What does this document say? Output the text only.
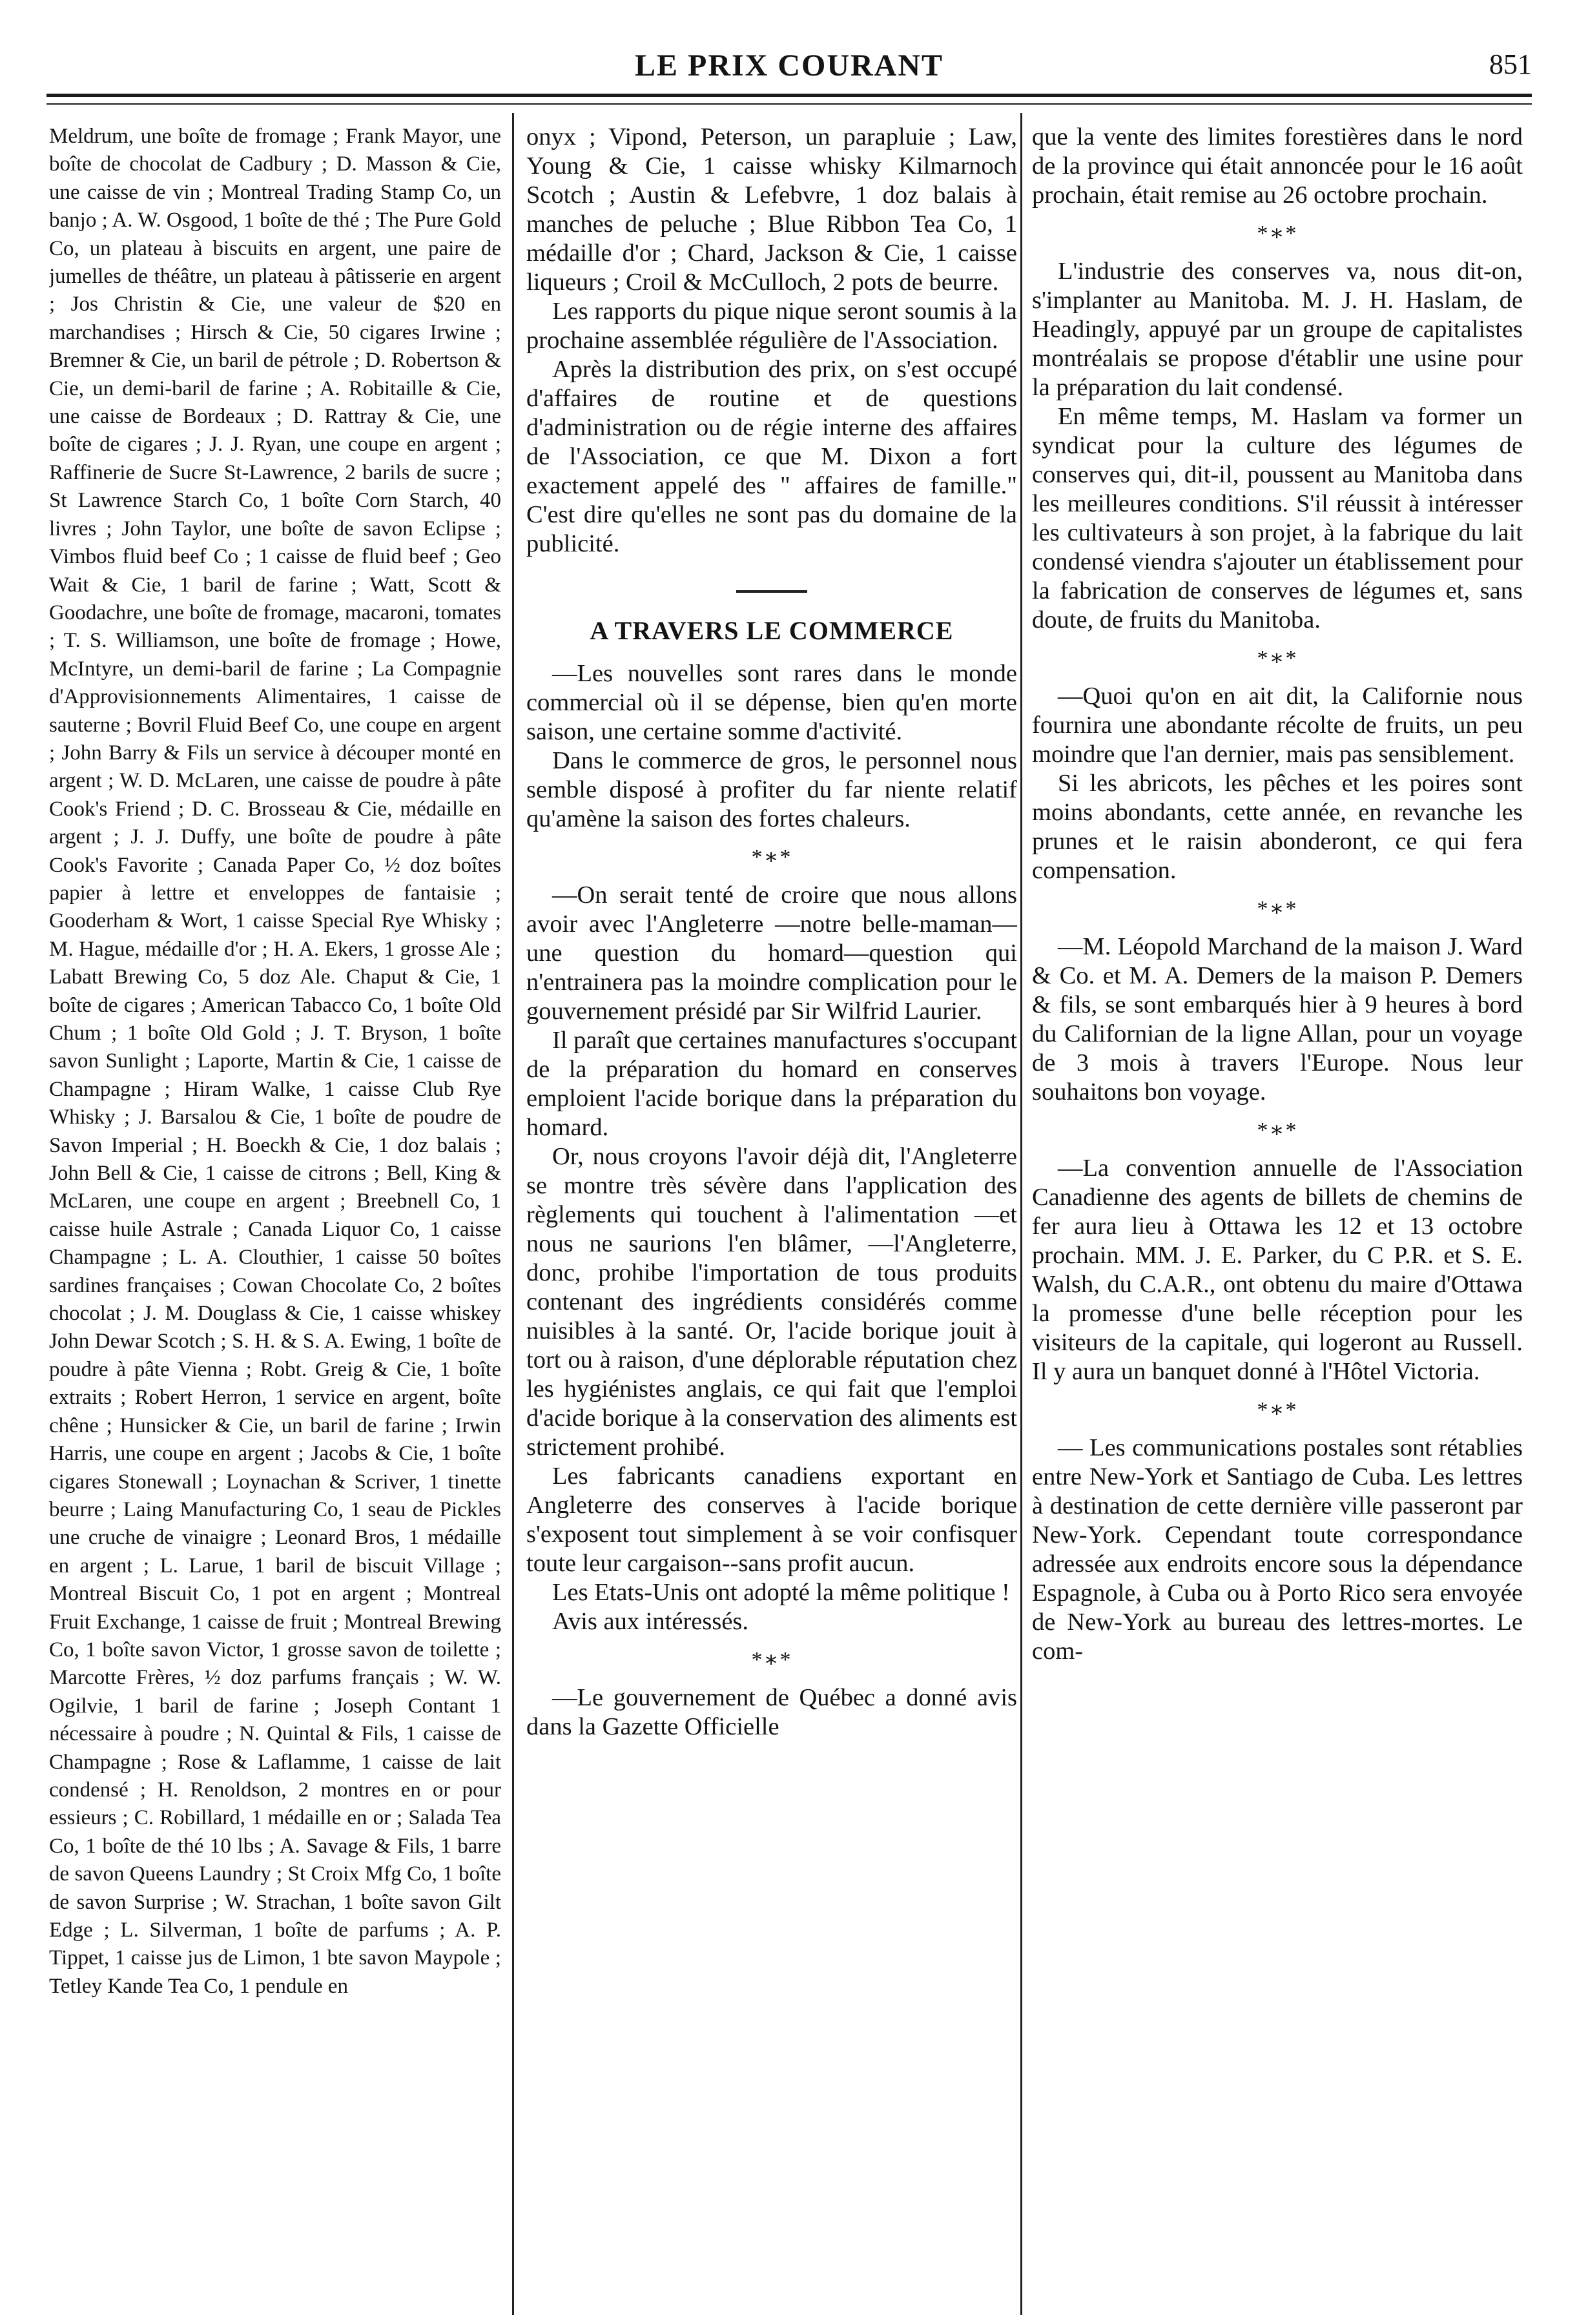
LE PRIX COURANT	851

Meldrum, une boîte de fromage ; Frank Mayor, une boîte de chocolat de Cadbury ; D. Masson & Cie, une caisse de vin ; Montreal Trading Stamp Co, un banjo ; A. W. Osgood, 1 boîte de thé ; The Pure Gold Co, un plateau à biscuits en argent, une paire de jumelles de théâtre, un plateau à pâtisserie en argent ; Jos Christin & Cie, une valeur de $20 en marchandises ; Hirsch & Cie, 50 cigares Irwine ; Bremner & Cie, un baril de pétrole ; D. Robertson & Cie, un demi-baril de farine ; A. Robitaille & Cie, une caisse de Bordeaux ; D. Rattray & Cie, une boîte de cigares ; J. J. Ryan, une coupe en argent ; Raffinerie de Sucre St-Lawrence, 2 barils de sucre ; St Lawrence Starch Co, 1 boîte Corn Starch, 40 livres ; John Taylor, une boîte de savon Eclipse ; Vimbos fluid beef Co ; 1 caisse de fluid beef ; Geo Wait & Cie, 1 baril de farine ; Watt, Scott & Goodachre, une boîte de fromage, macaroni, tomates ; T. S. Williamson, une boîte de fromage ; Howe, McIntyre, un demi-baril de farine ; La Compagnie d'Approvisionnements Alimentaires, 1 caisse de sauterne ; Bovril Fluid Beef Co, une coupe en argent ; John Barry & Fils un service à découper monté en argent ; W. D. McLaren, une caisse de poudre à pâte Cook's Friend ; D. C. Brosseau & Cie, médaille en argent ; J. J. Duffy, une boîte de poudre à pâte Cook's Favorite ; Canada Paper Co, ½ doz boîtes papier à lettre et enveloppes de fantaisie ; Gooderham & Wort, 1 caisse Special Rye Whisky ; M. Hague, médaille d'or ; H. A. Ekers, 1 grosse Ale ; Labatt Brewing Co, 5 doz Ale. Chaput & Cie, 1 boîte de cigares ; American Tabacco Co, 1 boîte Old Chum ; 1 boîte Old Gold ; J. T. Bryson, 1 boîte savon Sunlight ; Laporte, Martin & Cie, 1 caisse de Champagne ; Hiram Walke, 1 caisse Club Rye Whisky ; J. Barsalou & Cie, 1 boîte de poudre de Savon Imperial ; H. Boeckh & Cie, 1 doz balais ; John Bell & Cie, 1 caisse de citrons ; Bell, King & McLaren, une coupe en argent ; Breebnell Co, 1 caisse huile Astrale ; Canada Liquor Co, 1 caisse Champagne ; L. A. Clouthier, 1 caisse 50 boîtes sardines françaises ; Cowan Chocolate Co, 2 boîtes chocolat ; J. M. Douglass & Cie, 1 caisse whiskey John Dewar Scotch ; S. H. & S. A. Ewing, 1 boîte de poudre à pâte Vienna ; Robt. Greig & Cie, 1 boîte extraits ; Robert Herron, 1 service en argent, boîte chêne ; Hunsicker & Cie, un baril de farine ; Irwin Harris, une coupe en argent ; Jacobs & Cie, 1 boîte cigares Stonewall ; Loynachan & Scriver, 1 tinette beurre ; Laing Manufacturing Co, 1 seau de Pickles une cruche de vinaigre ; Leonard Bros, 1 médaille en argent ; L. Larue, 1 baril de biscuit Village ; Montreal Biscuit Co, 1 pot en argent ; Montreal Fruit Exchange, 1 caisse de fruit ; Montreal Brewing Co, 1 boîte savon Victor, 1 grosse savon de toilette ; Marcotte Frères, ½ doz parfums français ; W. W. Ogilvie, 1 baril de farine ; Joseph Contant 1 nécessaire à poudre ; N. Quintal & Fils, 1 caisse de Champagne ; Rose & Laflamme, 1 caisse de lait condensé ; H. Renoldson, 2 montres en or pour essieurs ; C. Robillard, 1 médaille en or ; Salada Tea Co, 1 boîte de thé 10 lbs ; A. Savage & Fils, 1 barre de savon Queens Laundry ; St Croix Mfg Co, 1 boîte de savon Surprise ; W. Strachan, 1 boîte savon Gilt Edge ; L. Silverman, 1 boîte de parfums ; A. P. Tippet, 1 caisse jus de Limon, 1 bte savon Maypole ; Tetley Kande Tea Co, 1 pendule en

onyx ; Vipond, Peterson, un parapluie ; Law, Young & Cie, 1 caisse whisky Kilmarnoch Scotch ; Austin & Lefebvre, 1 doz balais à manches de peluche ; Blue Ribbon Tea Co, 1 médaille d'or ; Chard, Jackson & Cie, 1 caisse liqueurs ; Croil & McCulloch, 2 pots de beurre.

Les rapports du pique nique seront soumis à la prochaine assemblée régulière de l'Association.

Après la distribution des prix, on s'est occupé d'affaires de routine et de questions d'administration ou de régie interne des affaires de l'Association, ce que M. Dixon a fort exactement appelé des " affaires de famille." C'est dire qu'elles ne sont pas du domaine de la publicité.

A TRAVERS LE COMMERCE

—Les nouvelles sont rares dans le monde commercial où il se dépense, bien qu'en morte saison, une certaine somme d'activité.

Dans le commerce de gros, le personnel nous semble disposé à profiter du far niente relatif qu'amène la saison des fortes chaleurs.

*∗*

—On serait tenté de croire que nous allons avoir avec l'Angleterre —notre belle-maman—une question du homard—question qui n'entrainera pas la moindre complication pour le gouvernement présidé par Sir Wilfrid Laurier.

Il paraît que certaines manufactures s'occupant de la préparation du homard en conserves emploient l'acide borique dans la préparation du homard.

Or, nous croyons l'avoir déjà dit, l'Angleterre se montre très sévère dans l'application des règlements qui touchent à l'alimentation —et nous ne saurions l'en blâmer, —l'Angleterre, donc, prohibe l'importation de tous produits contenant des ingrédients considérés comme nuisibles à la santé. Or, l'acide borique jouit à tort ou à raison, d'une déplorable réputation chez les hygiénistes anglais, ce qui fait que l'emploi d'acide borique à la conservation des aliments est strictement prohibé.

Les fabricants canadiens exportant en Angleterre des conserves à l'acide borique s'exposent tout simplement à se voir confisquer toute leur cargaison--sans profit aucun.

Les Etats-Unis ont adopté la même politique !

Avis aux intéressés.

*∗*

—Le gouvernement de Québec a donné avis dans la Gazette Officielle

que la vente des limites forestières dans le nord de la province qui était annoncée pour le 16 août prochain, était remise au 26 octobre prochain.

*∗*

L'industrie des conserves va, nous dit-on, s'implanter au Manitoba. M. J. H. Haslam, de Headingly, appuyé par un groupe de capitalistes montréalais se propose d'établir une usine pour la préparation du lait condensé.

En même temps, M. Haslam va former un syndicat pour la culture des légumes de conserves qui, dit-il, poussent au Manitoba dans les meilleures conditions. S'il réussit à intéresser les cultivateurs à son projet, à la fabrique du lait condensé viendra s'ajouter un établissement pour la fabrication de conserves de légumes et, sans doute, de fruits du Manitoba.

*∗*

—Quoi qu'on en ait dit, la Californie nous fournira une abondante récolte de fruits, un peu moindre que l'an dernier, mais pas sensiblement.

Si les abricots, les pêches et les poires sont moins abondants, cette année, en revanche les prunes et le raisin abonderont, ce qui fera compensation.

*∗*

—M. Léopold Marchand de la maison J. Ward & Co. et M. A. Demers de la maison P. Demers & fils, se sont embarqués hier à 9 heures à bord du Californian de la ligne Allan, pour un voyage de 3 mois à travers l'Europe. Nous leur souhaitons bon voyage.

*∗*

—La convention annuelle de l'Association Canadienne des agents de billets de chemins de fer aura lieu à Ottawa les 12 et 13 octobre prochain. MM. J. E. Parker, du C P.R. et S. E. Walsh, du C.A.R., ont obtenu du maire d'Ottawa la promesse d'une belle réception pour les visiteurs de la capitale, qui logeront au Russell. Il y aura un banquet donné à l'Hôtel Victoria.

*∗*

— Les communications postales sont rétablies entre New-York et Santiago de Cuba. Les lettres à destination de cette dernière ville passeront par New-York. Cependant toute correspondance adressée aux endroits encore sous la dépendance Espagnole, à Cuba ou à Porto Rico sera envoyée de New-York au bureau des lettres-mortes. Le com-
